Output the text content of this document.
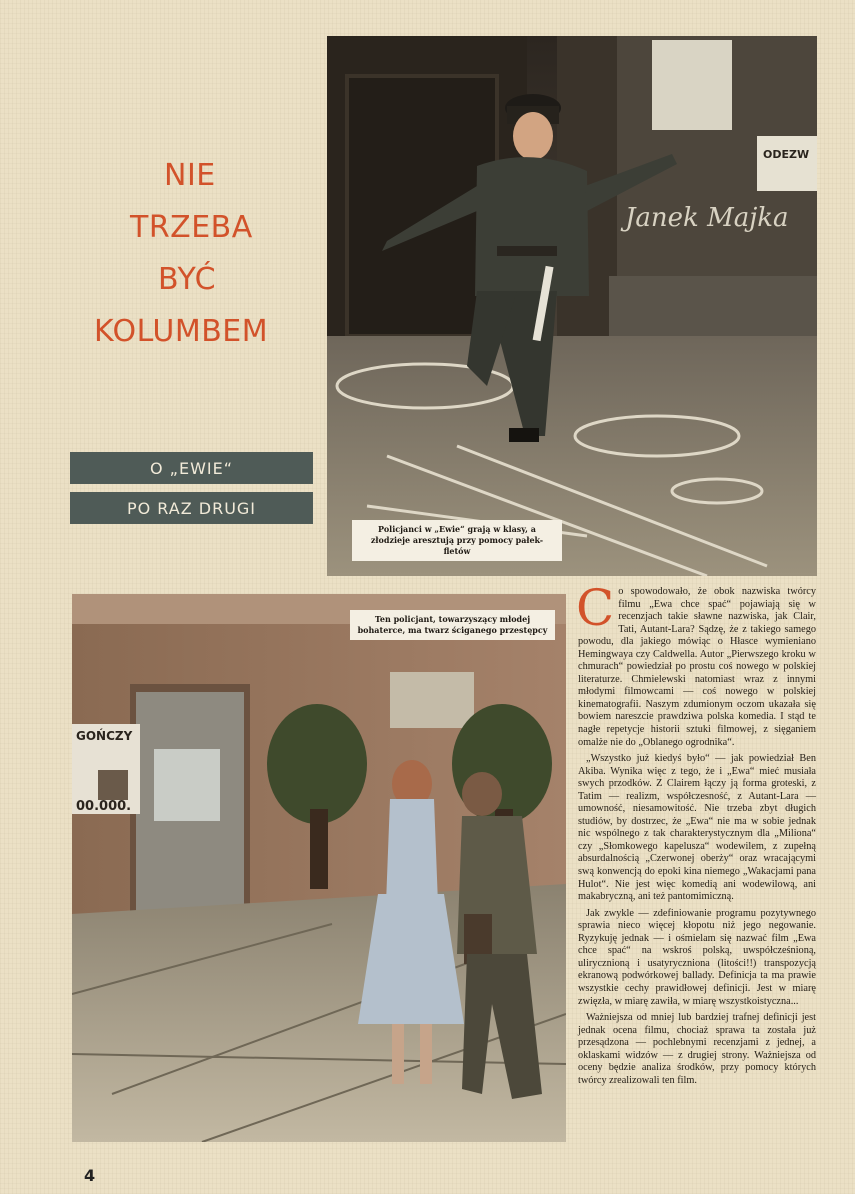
NIE
TRZEBA
BYĆ
KOLUMBEM
O „EWIE“
PO RAZ DRUGI
ODEZW
Janek Majka
Policjanci w „Ewie“ grają w klasy, a złodzieje aresztują przy pomocy pałek-fletów
GOŃCZY
00.000.
Ten policjant, towarzyszący młodej bohaterce, ma twarz ściganego przestępcy Co spowodowało, że obok nazwiska twórcy filmu „Ewa chce spać“ pojawiają się w recenzjach takie sławne nazwiska, jak Clair, Tati, Autant-Lara? Sądzę, że z takiego samego powodu, dla jakiego mówiąc o Hłasce wymieniano Hemingwaya czy Caldwella. Autor „Pierwszego kroku w chmurach“ powiedział po prostu coś nowego w polskiej literaturze. Chmielewski natomiast wraz z innymi młodymi filmowcami — coś nowego w polskiej kinematografii. Naszym zdumionym oczom ukazała się bowiem nareszcie prawdziwa polska komedia. I stąd te nagłe repetycje historii sztuki filmowej, z sięganiem omalże nie do „Oblanego ogrodnika“.

„Wszystko już kiedyś było“ — jak powiedział Ben Akiba. Wynika więc z tego, że i „Ewa“ mieć musiała swych przodków. Z Clairem łączy ją forma groteski, z Tatim — realizm, współczesność, z Autant-Lara — umowność, niesamowitość. Nie trzeba zbyt długich studiów, by dostrzec, że „Ewa“ nie ma w sobie jednak nic wspólnego z tak charakterystycznym dla „Miliona“ czy „Słomkowego kapelusza“ wodewilem, z zupełną absurdalnością „Czerwonej oberży“ oraz wracającymi swą konwencją do epoki kina niemego „Wakacjami pana Hulot“. Nie jest więc komedią ani wodewilową, ani makabryczną, ani też pantomimiczną.

Jak zwykle — zdefiniowanie programu pozytywnego sprawia nieco więcej kłopotu niż jego negowanie. Ryzykuję jednak — i ośmielam się nazwać film „Ewa chce spać“ na wskroś polską, uwspółcześnioną, ulirycznioną i usatyryczniona (litości!!) transpozycją ekranową podwórkowej ballady. Definicja ta ma prawie wszystkie cechy prawidłowej definicji. Jest w miarę zwięzła, w miarę zawiła, w miarę wszystkoistyczna...

Ważniejsza od mniej lub bardziej trafnej definicji jest jednak ocena filmu, chociaż sprawa ta została już przesądzona — pochlebnymi recenzjami z jednej, a oklaskami widzów — z drugiej strony. Ważniejsza od oceny będzie analiza środków, przy pomocy których twórcy zrealizowali ten film.

4
